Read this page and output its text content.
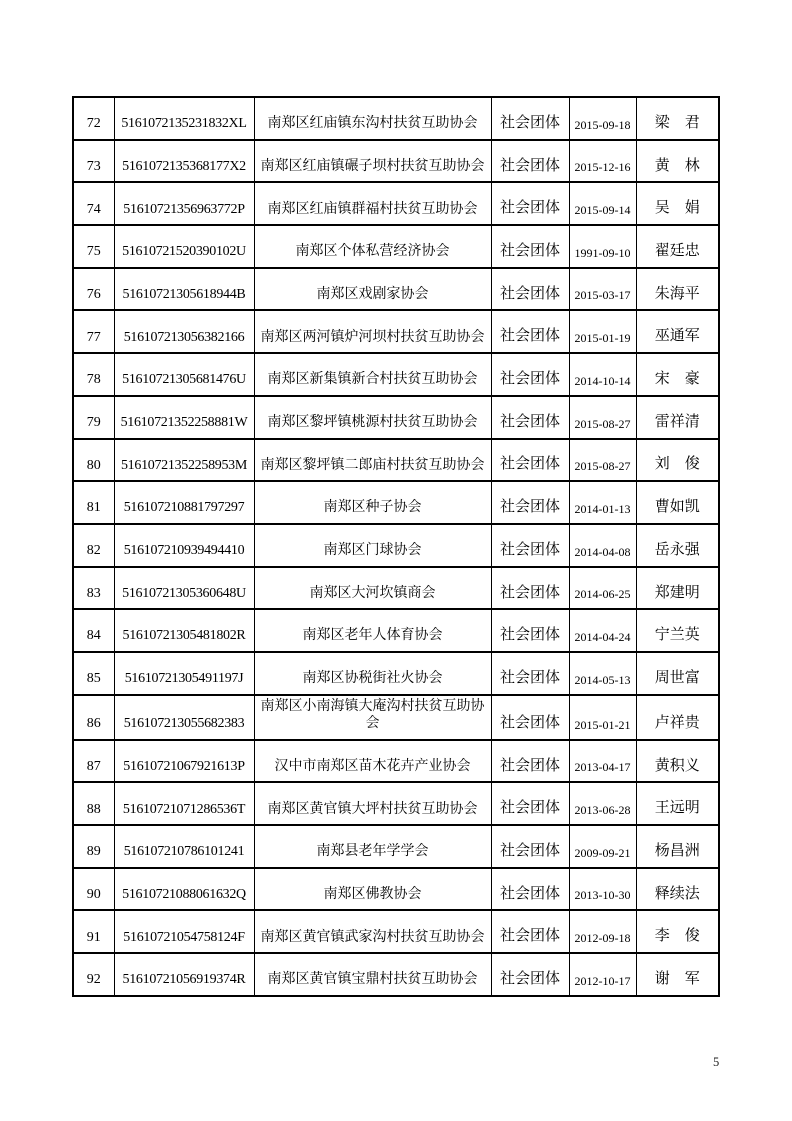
72	5161072135231832XL	南郑区红庙镇东沟村扶贫互助协会	社会团体	2015-09-18	梁　君
73	5161072135368177X2	南郑区红庙镇碾子坝村扶贫互助协会	社会团体	2015-12-16	黄　林
74	51610721356963772P	南郑区红庙镇群福村扶贫互助协会	社会团体	2015-09-14	吴　娟
75	51610721520390102U	南郑区个体私营经济协会	社会团体	1991-09-10	翟廷忠
76	51610721305618944B	南郑区戏剧家协会	社会团体	2015-03-17	朱海平
77	516107213056382166	南郑区两河镇炉河坝村扶贫互助协会	社会团体	2015-01-19	巫通军
78	51610721305681476U	南郑区新集镇新合村扶贫互助协会	社会团体	2014-10-14	宋　豪
79	51610721352258881W	南郑区黎坪镇桃源村扶贫互助协会	社会团体	2015-08-27	雷祥清
80	51610721352258953M	南郑区黎坪镇二郎庙村扶贫互助协会	社会团体	2015-08-27	刘　俊
81	516107210881797297	南郑区种子协会	社会团体	2014-01-13	曹如凯
82	516107210939494410	南郑区门球协会	社会团体	2014-04-08	岳永强
83	51610721305360648U	南郑区大河坎镇商会	社会团体	2014-06-25	郑建明
84	51610721305481802R	南郑区老年人体育协会	社会团体	2014-04-24	宁兰英
85	51610721305491197J	南郑区协税街社火协会	社会团体	2014-05-13	周世富
86	516107213055682383	南郑区小南海镇大庵沟村扶贫互助协会	社会团体	2015-01-21	卢祥贵
87	51610721067921613P	汉中市南郑区苗木花卉产业协会	社会团体	2013-04-17	黄积义
88	51610721071286536T	南郑区黄官镇大坪村扶贫互助协会	社会团体	2013-06-28	王远明
89	516107210786101241	南郑县老年学学会	社会团体	2009-09-21	杨昌洲
90	51610721088061632Q	南郑区佛教协会	社会团体	2013-10-30	释续法
91	51610721054758124F	南郑区黄官镇武家沟村扶贫互助协会	社会团体	2012-09-18	李　俊
92	51610721056919374R	南郑区黄官镇宝鼎村扶贫互助协会	社会团体	2012-10-17	谢　军
5
